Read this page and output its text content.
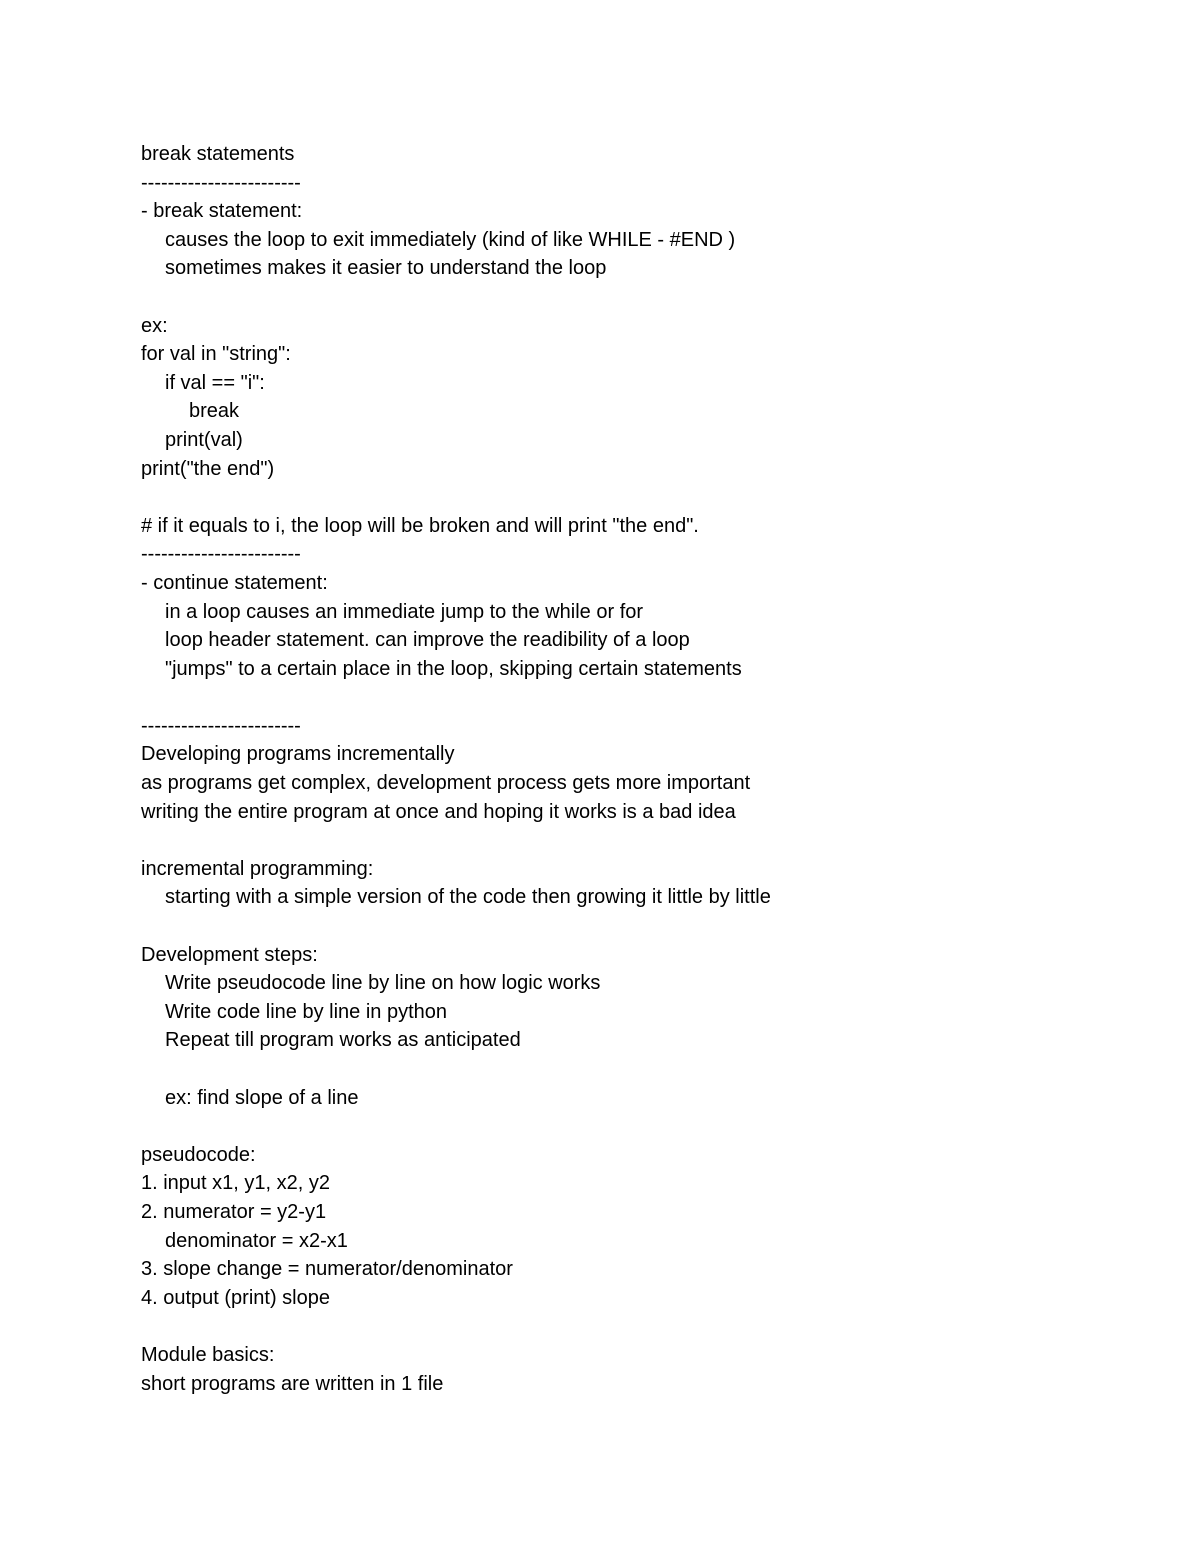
break statements
------------------------
- break statement:
causes the loop to exit immediately (kind of like WHILE - #END )
sometimes makes it easier to understand the loop
ex:
for val in "string":
if val == "i":
break
print(val)
print("the end")
# if it equals to i, the loop will be broken and will print "the end".
------------------------
- continue statement:
in a loop causes an immediate jump to the while or for
loop header statement. can improve the readibility of a loop
"jumps" to a certain place in the loop, skipping certain statements
------------------------
Developing programs incrementally
as programs get complex, development process gets more important
writing the entire program at once and hoping it works is a bad idea
incremental programming:
starting with a simple version of the code then growing it little by little
Development steps:
Write pseudocode line by line on how logic works
Write code line by line in python
Repeat till program works as anticipated
ex: find slope of a line
pseudocode:
1. input x1, y1, x2, y2
2. numerator = y2-y1
denominator = x2-x1
3. slope change = numerator/denominator
4. output (print) slope
Module basics:
short programs are written in 1 file
